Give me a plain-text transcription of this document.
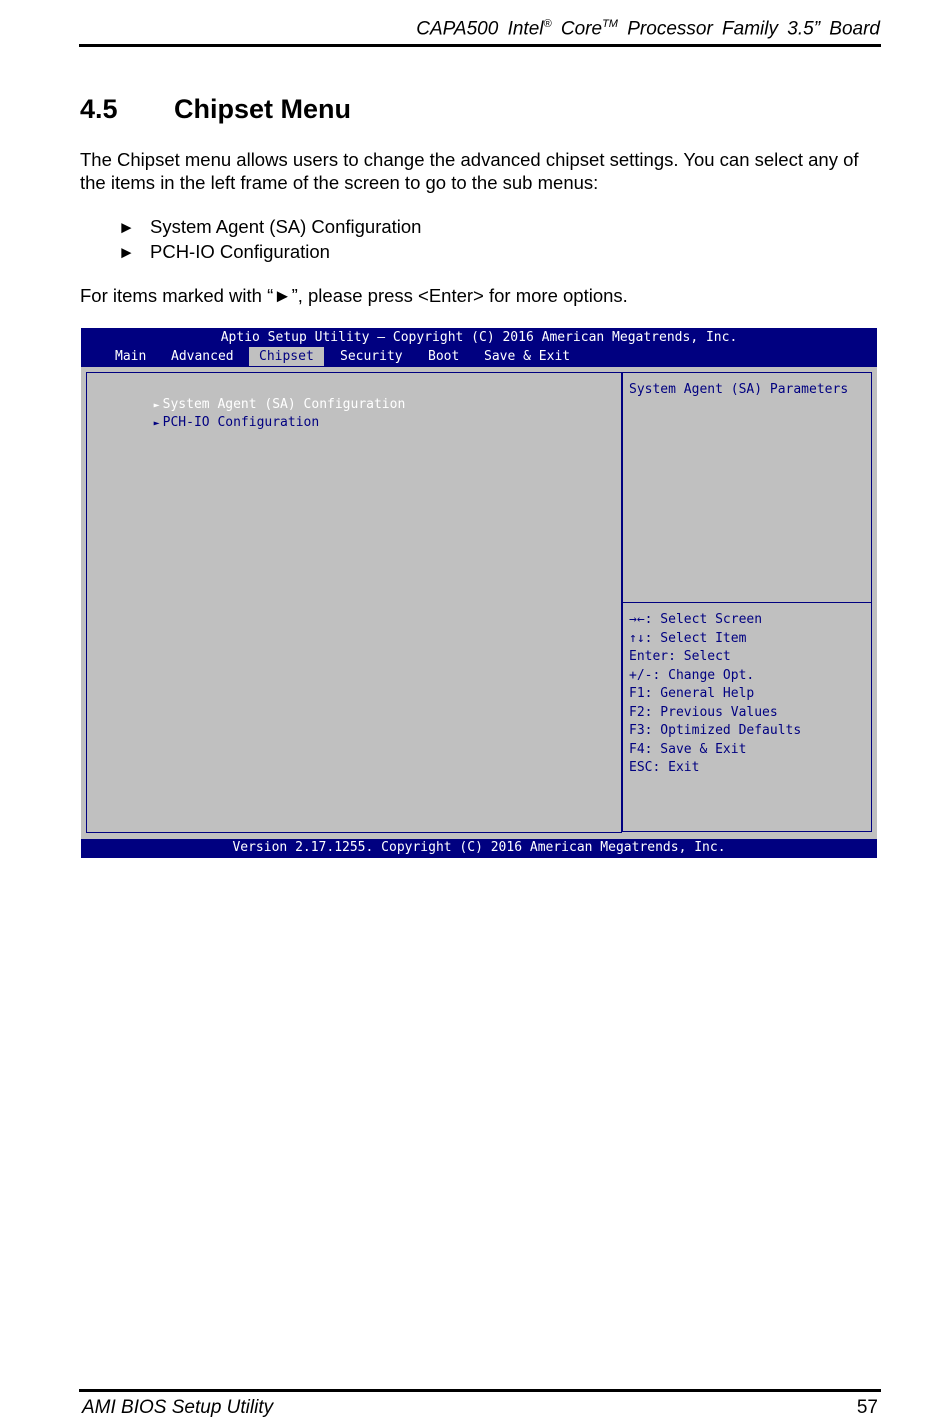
CAPA500 Intel® Core™ Processor Family 3.5” Board
4.5 Chipset Menu
The Chipset menu allows users to change the advanced chipset settings. You can select any of the items in the left frame of the screen to go to the sub menus:
► System Agent (SA) Configuration
► PCH-IO Configuration
For items marked with “►”, please press <Enter> for more options.
Aptio Setup Utility – Copyright (C) 2016 American Megatrends, Inc.
Main	Advanced	Chipset	Security	Boot	Save & Exit

► System Agent (SA) Configuration

► PCH-IO Configuration

System Agent (SA) Parameters
→←: Select Screen
↑↓: Select Item
Enter: Select
+/-: Change Opt.
F1: General Help
F2: Previous Values
F3: Optimized Defaults
F4: Save & Exit
ESC: Exit
Version 2.17.1255. Copyright (C) 2016 American Megatrends, Inc.
AMI BIOS Setup Utility	57
